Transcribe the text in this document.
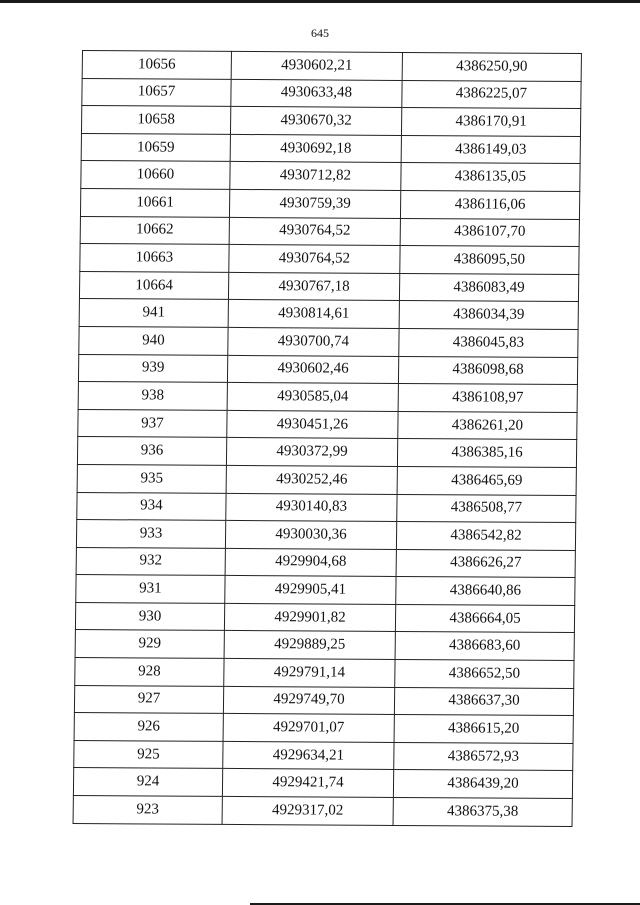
645
10656	4930602,21	4386250,90
10657	4930633,48	4386225,07
10658	4930670,32	4386170,91
10659	4930692,18	4386149,03
10660	4930712,82	4386135,05
10661	4930759,39	4386116,06
10662	4930764,52	4386107,70
10663	4930764,52	4386095,50
10664	4930767,18	4386083,49
941	4930814,61	4386034,39
940	4930700,74	4386045,83
939	4930602,46	4386098,68
938	4930585,04	4386108,97
937	4930451,26	4386261,20
936	4930372,99	4386385,16
935	4930252,46	4386465,69
934	4930140,83	4386508,77
933	4930030,36	4386542,82
932	4929904,68	4386626,27
931	4929905,41	4386640,86
930	4929901,82	4386664,05
929	4929889,25	4386683,60
928	4929791,14	4386652,50
927	4929749,70	4386637,30
926	4929701,07	4386615,20
925	4929634,21	4386572,93
924	4929421,74	4386439,20
923	4929317,02	4386375,38
